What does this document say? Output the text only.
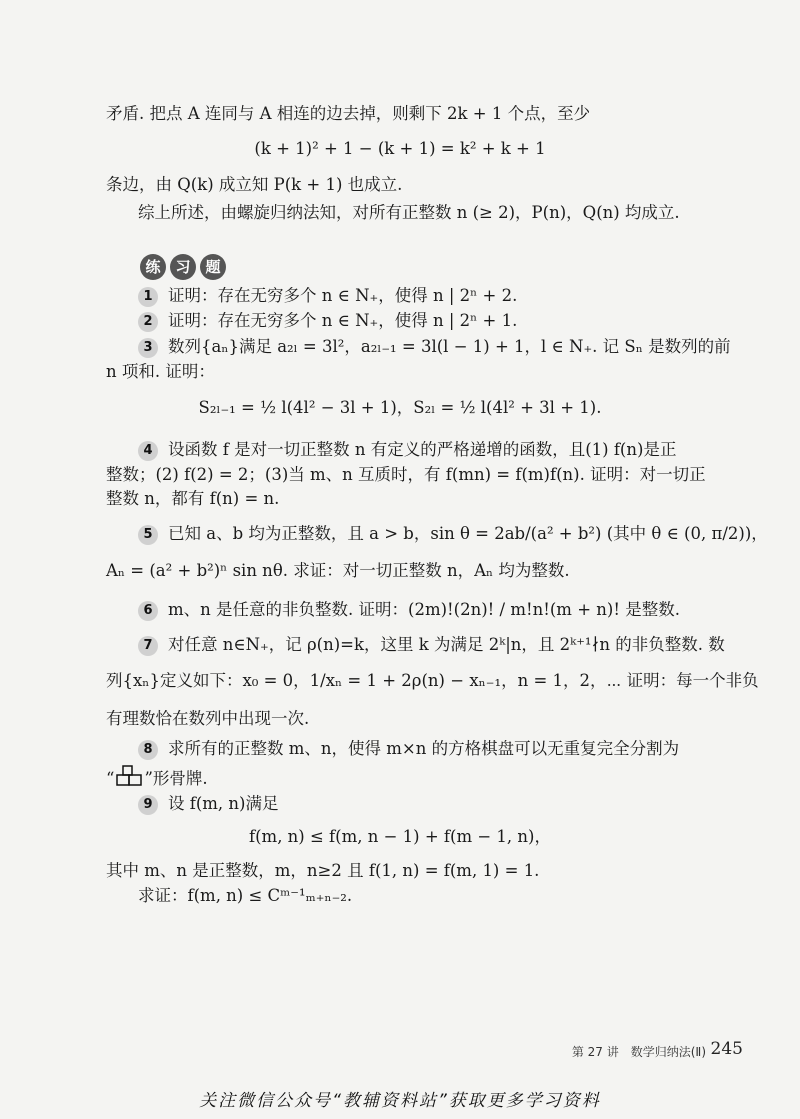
矛盾. 把点 A 连同与 A 相连的边去掉，则剩下 2k + 1 个点，至少
(k + 1)² + 1 − (k + 1) = k² + k + 1
条边，由 Q(k) 成立知 P(k + 1) 也成立.
综上所述，由螺旋归纳法知，对所有正整数 n (≥ 2)，P(n)，Q(n) 均成立.
练 习 题
1 证明：存在无穷多个 n ∈ N₊，使得 n | 2ⁿ + 2.
2 证明：存在无穷多个 n ∈ N₊，使得 n | 2ⁿ + 1.
3 数列{aₙ}满足 a₂ₗ = 3l²，a₂ₗ₋₁ = 3l(l − 1) + 1，l ∈ N₊. 记 Sₙ 是数列的前
n 项和. 证明：
S₂ₗ₋₁ = ½ l(4l² − 3l + 1)，S₂ₗ = ½ l(4l² + 3l + 1).
4 设函数 f 是对一切正整数 n 有定义的严格递增的函数，且(1) f(n)是正
整数；(2) f(2) = 2；(3)当 m、n 互质时，有 f(mn) = f(m)f(n). 证明：对一切正
整数 n，都有 f(n) = n.
5 已知 a、b 均为正整数，且 a > b，sin θ = 2ab/(a² + b²) (其中 θ ∈ (0, π/2))，
Aₙ = (a² + b²)ⁿ sin nθ. 求证：对一切正整数 n，Aₙ 均为整数.
6 m、n 是任意的非负整数. 证明：(2m)!(2n)! / m!n!(m + n)! 是整数.
7 对任意 n∈N₊，记 ρ(n)=k，这里 k 为满足 2ᵏ|n，且 2ᵏ⁺¹∤n 的非负整数. 数
列{xₙ}定义如下：x₀ = 0，1/xₙ = 1 + 2ρ(n) − xₙ₋₁，n = 1，2，⋯ 证明：每一个非负
有理数恰在数列中出现一次.
8 求所有的正整数 m、n，使得 m×n 的方格棋盘可以无重复完全分割为
“ ”形骨牌.
9 设 f(m, n)满足
f(m, n) ≤ f(m, n − 1) + f(m − 1, n)，
其中 m、n 是正整数，m，n≥2 且 f(1, n) = f(m, 1) = 1.
求证：f(m, n) ≤ Cᵐ⁻¹ₘ₊ₙ₋₂.
第 27 讲　数学归纳法(Ⅱ) 245
关注微信公众号“教辅资料站”获取更多学习资料
